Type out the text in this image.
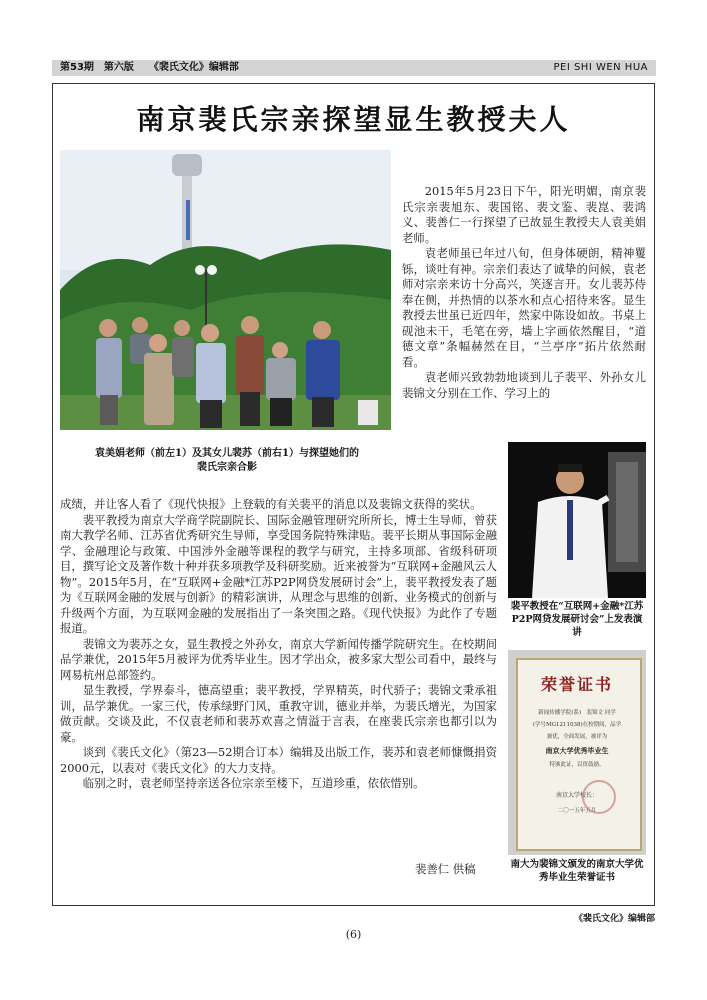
第53期　第六版　　《裴氏文化》编辑部	PEI SHI WEN HUA
南京裴氏宗亲探望显生教授夫人
袁美娟老师（前左1）及其女儿裴苏（前右1）与探望她们的裴氏宗亲合影

2015年5月23日下午，阳光明媚，南京裴氏宗亲裴旭东、裴国铭、裴文鉴、裴崑、裴鸿义、裴善仁一行探望了已故显生教授夫人袁美娟老师。

袁老师虽已年过八旬，但身体硬朗，精神矍铄，谈吐有神。宗亲们表达了诚挚的问候，袁老师对宗亲来访十分高兴，笑逐言开。女儿裴苏侍奉在侧，并热情的以茶水和点心招待来客。显生教授去世虽已近四年，然家中陈设如故。书桌上砚池未干，毛笔在旁，墙上字画依然醒目，“道德文章”条幅赫然在目，“兰亭序”拓片依然耐看。

袁老师兴致勃勃地谈到儿子裴平、外孙女儿裴锦文分别在工作、学习上的

成绩，并让客人看了《现代快报》上登载的有关裴平的消息以及裴锦文获得的奖状。

裴平教授为南京大学商学院副院长、国际金融管理研究所所长，博士生导师，曾获南大教学名师、江苏省优秀研究生导师，享受国务院特殊津贴。裴平长期从事国际金融学、金融理论与政策、中国涉外金融等课程的教学与研究，主持多项部、省级科研项目，撰写论文及著作数十种并获多项教学及科研奖励。近来被誉为“互联网+金融风云人物”。2015年5月，在“互联网+金融*江苏P2P网贷发展研讨会”上，裴平教授发表了题为《互联网金融的发展与创新》的精彩演讲，从理念与思维的创新、业务模式的创新与升级两个方面，为互联网金融的发展指出了一条突围之路。《现代快报》为此作了专题报道。

裴锦文为裴苏之女，显生教授之外孙女，南京大学新闻传播学院研究生。在校期间品学兼优，2015年5月被评为优秀毕业生。因才学出众，被多家大型公司看中，最终与网易杭州总部签约。

显生教授，学界泰斗，德高望重；裴平教授，学界精英，时代骄子；裴锦文秉承祖训，品学兼优。一家三代，传承绿野门风，重教守训，德业并举，为裴氏增光，为国家做贡献。交谈及此，不仅袁老师和裴苏欢喜之情溢于言表，在座裴氏宗亲也都引以为豪。

谈到《裴氏文化》（第23—52期合订本）编辑及出版工作，裴苏和袁老师慷慨捐资2000元，以表对《裴氏文化》的大力支持。

临别之时，袁老师坚持亲送各位宗亲至楼下，互道珍重，依依惜别。

裴善仁 供稿
裴平教授在“互联网+金融*江苏P2P网贷发展研讨会”上发表演讲
荣誉证书
新闻传播学院(系)　裴锦文 同学
(学号MG1211038)在校期间，品学
兼优，全面发展，被评为
南京大学优秀毕业生
特颁此证，以资鼓励。
南京大学校长：
二〇一五年五月
南大为裴锦文颁发的南京大学优秀毕业生荣誉证书
《裴氏文化》编辑部
(6)
